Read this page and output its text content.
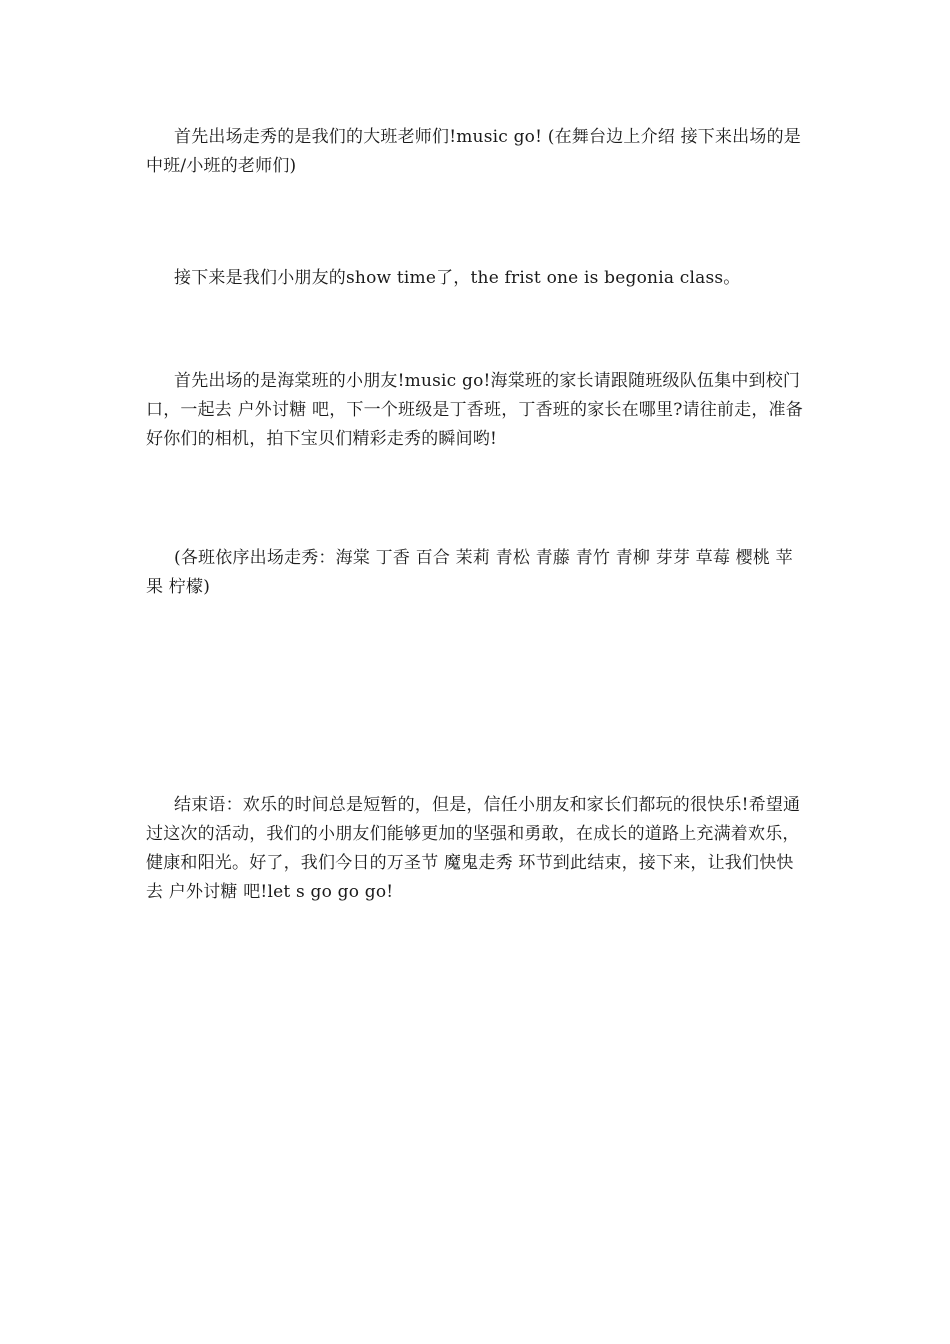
首先出场走秀的是我们的大班老师们!music go! (在舞台边上介绍 接下来出场的是中班/小班的老师们)

接下来是我们小朋友的show time了，the frist one is begonia class。

首先出场的是海棠班的小朋友!music go!海棠班的家长请跟随班级队伍集中到校门口，一起去 户外讨糖 吧，下一个班级是丁香班，丁香班的家长在哪里?请往前走，准备好你们的相机，拍下宝贝们精彩走秀的瞬间哟!

(各班依序出场走秀：海棠 丁香 百合 茉莉 青松 青藤 青竹 青柳 芽芽 草莓 樱桃 苹果 柠檬)

结束语：欢乐的时间总是短暂的，但是，信任小朋友和家长们都玩的很快乐!希望通过这次的活动，我们的小朋友们能够更加的坚强和勇敢，在成长的道路上充满着欢乐，健康和阳光。好了，我们今日的万圣节 魔鬼走秀 环节到此结束，接下来，让我们快快去 户外讨糖 吧!let s go go go!
